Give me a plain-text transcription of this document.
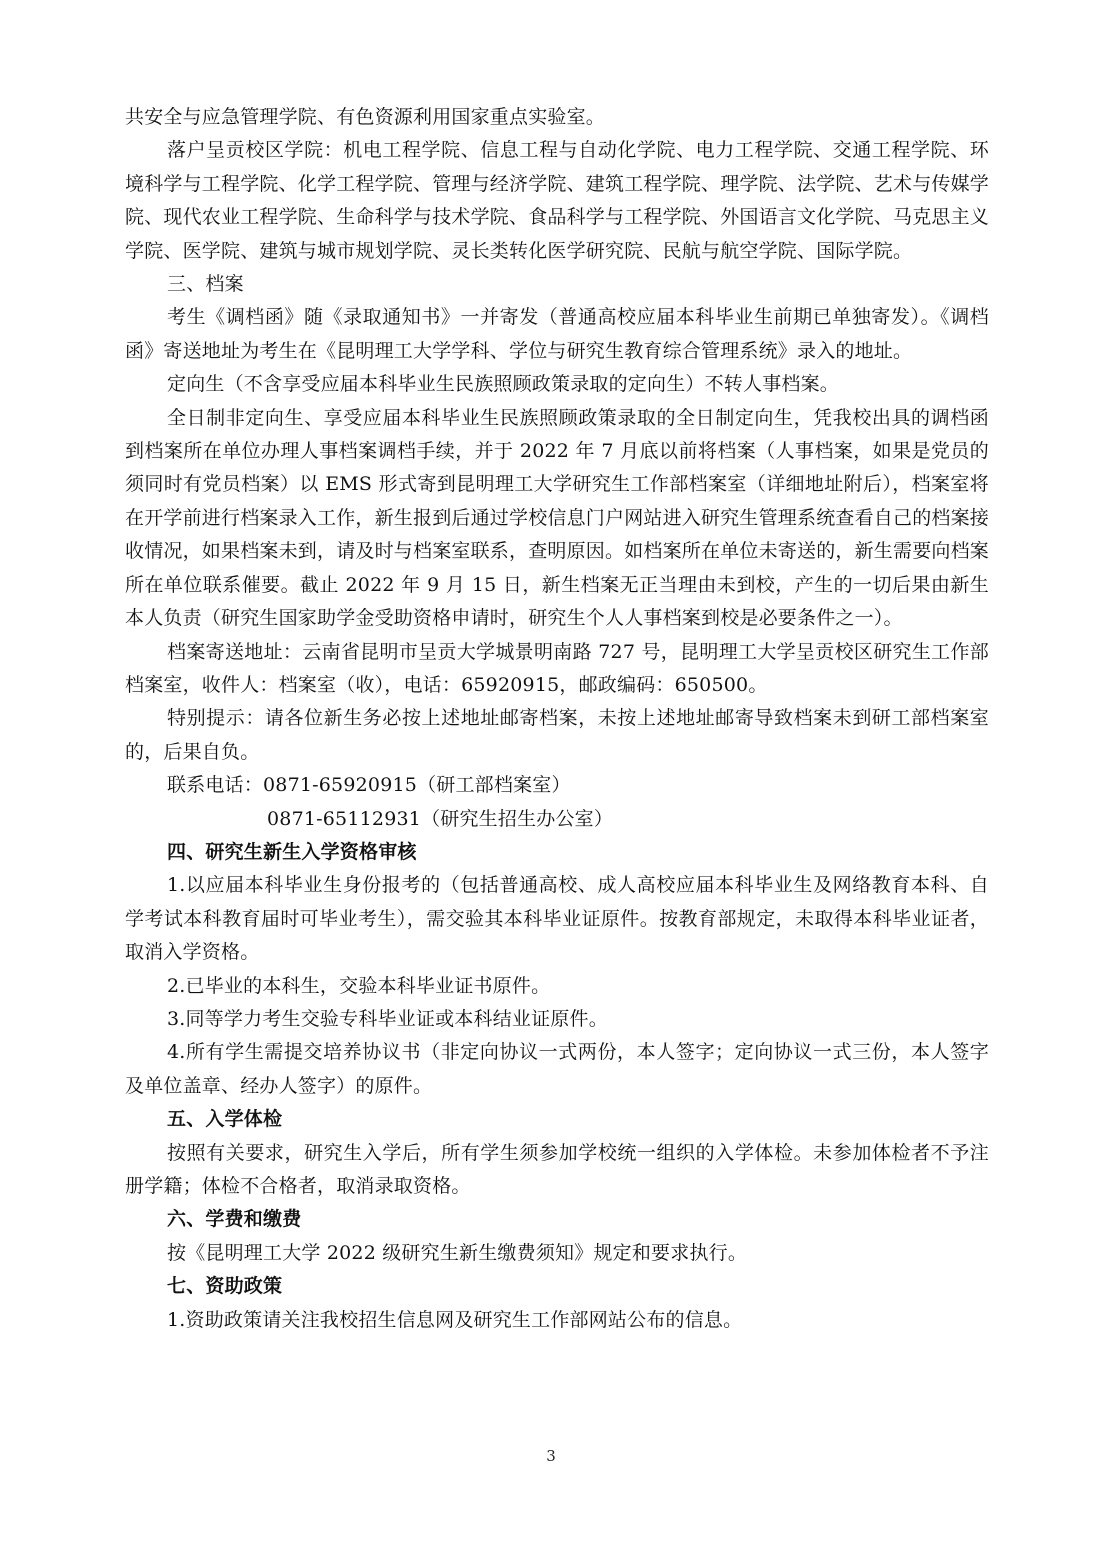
共安全与应急管理学院、有色资源利用国家重点实验室。

落户呈贡校区学院：机电工程学院、信息工程与自动化学院、电力工程学院、交通工程学院、环境科学与工程学院、化学工程学院、管理与经济学院、建筑工程学院、理学院、法学院、艺术与传媒学院、现代农业工程学院、生命科学与技术学院、食品科学与工程学院、外国语言文化学院、马克思主义学院、医学院、建筑与城市规划学院、灵长类转化医学研究院、民航与航空学院、国际学院。

三、档案

考生《调档函》随《录取通知书》一并寄发（普通高校应届本科毕业生前期已单独寄发）。《调档函》寄送地址为考生在《昆明理工大学学科、学位与研究生教育综合管理系统》录入的地址。

定向生（不含享受应届本科毕业生民族照顾政策录取的定向生）不转人事档案。

全日制非定向生、享受应届本科毕业生民族照顾政策录取的全日制定向生，凭我校出具的调档函到档案所在单位办理人事档案调档手续，并于 2022 年 7 月底以前将档案（人事档案，如果是党员的须同时有党员档案）以 EMS 形式寄到昆明理工大学研究生工作部档案室（详细地址附后），档案室将在开学前进行档案录入工作，新生报到后通过学校信息门户网站进入研究生管理系统查看自己的档案接收情况，如果档案未到，请及时与档案室联系，查明原因。如档案所在单位未寄送的，新生需要向档案所在单位联系催要。截止 2022 年 9 月 15 日，新生档案无正当理由未到校，产生的一切后果由新生本人负责（研究生国家助学金受助资格申请时，研究生个人人事档案到校是必要条件之一）。

档案寄送地址：云南省昆明市呈贡大学城景明南路 727 号，昆明理工大学呈贡校区研究生工作部档案室，收件人：档案室（收），电话：65920915，邮政编码：650500。

特别提示：请各位新生务必按上述地址邮寄档案，未按上述地址邮寄导致档案未到研工部档案室的，后果自负。

联系电话：0871-65920915（研工部档案室）

0871-65112931（研究生招生办公室）

四、研究生新生入学资格审核

1.以应届本科毕业生身份报考的（包括普通高校、成人高校应届本科毕业生及网络教育本科、自学考试本科教育届时可毕业考生），需交验其本科毕业证原件。按教育部规定，未取得本科毕业证者，取消入学资格。

2.已毕业的本科生，交验本科毕业证书原件。

3.同等学力考生交验专科毕业证或本科结业证原件。

4.所有学生需提交培养协议书（非定向协议一式两份，本人签字；定向协议一式三份，本人签字及单位盖章、经办人签字）的原件。

五、入学体检

按照有关要求，研究生入学后，所有学生须参加学校统一组织的入学体检。未参加体检者不予注册学籍；体检不合格者，取消录取资格。

六、学费和缴费

按《昆明理工大学 2022 级研究生新生缴费须知》规定和要求执行。

七、资助政策

1.资助政策请关注我校招生信息网及研究生工作部网站公布的信息。

3
